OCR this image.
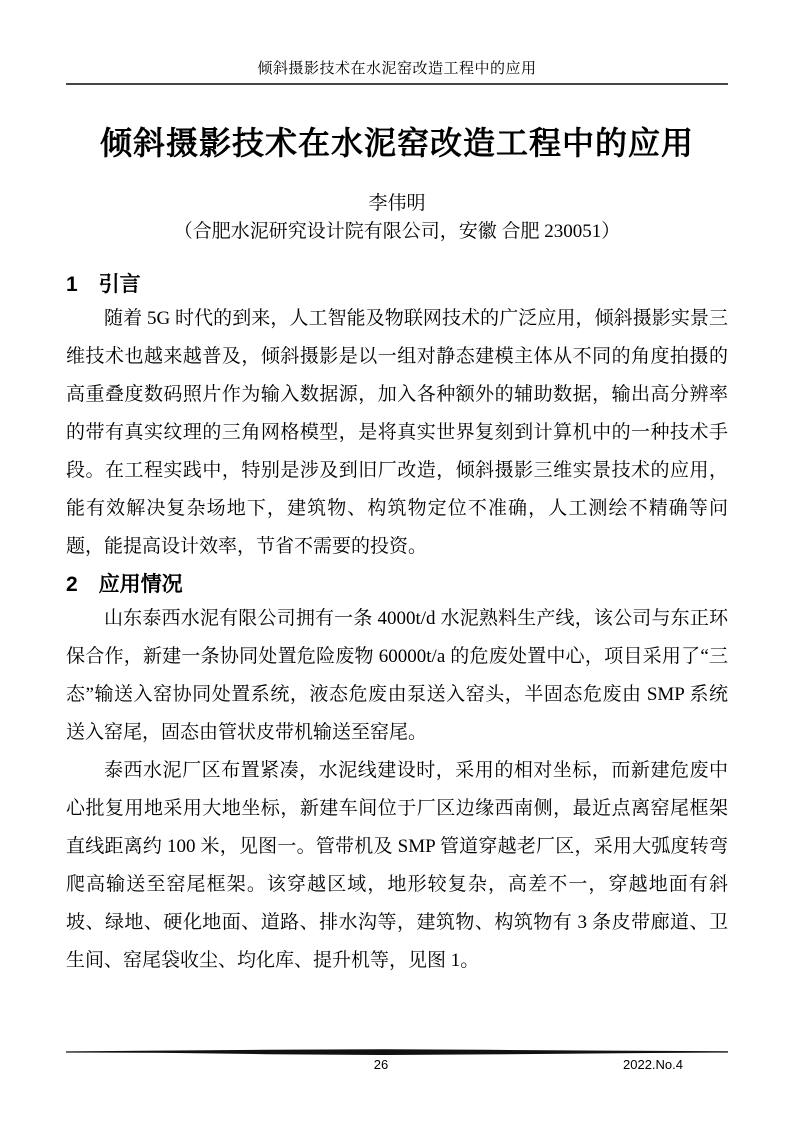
倾斜摄影技术在水泥窑改造工程中的应用
倾斜摄影技术在水泥窑改造工程中的应用
李伟明
（合肥水泥研究设计院有限公司，安徽 合肥 230051）
1　引言

随着 5G 时代的到来，人工智能及物联网技术的广泛应用，倾斜摄影实景三维技术也越来越普及，倾斜摄影是以一组对静态建模主体从不同的角度拍摄的高重叠度数码照片作为输入数据源，加入各种额外的辅助数据，输出高分辨率的带有真实纹理的三角网格模型，是将真实世界复刻到计算机中的一种技术手段。在工程实践中，特别是涉及到旧厂改造，倾斜摄影三维实景技术的应用，能有效解决复杂场地下，建筑物、构筑物定位不准确，人工测绘不精确等问题，能提高设计效率，节省不需要的投资。

2　应用情况

山东泰西水泥有限公司拥有一条 4000t/d 水泥熟料生产线，该公司与东正环保合作，新建一条协同处置危险废物 60000t/a 的危废处置中心，项目采用了“三态”输送入窑协同处置系统，液态危废由泵送入窑头，半固态危废由 SMP 系统送入窑尾，固态由管状皮带机输送至窑尾。

泰西水泥厂区布置紧凑，水泥线建设时，采用的相对坐标，而新建危废中心批复用地采用大地坐标，新建车间位于厂区边缘西南侧，最近点离窑尾框架直线距离约 100 米，见图一。管带机及 SMP 管道穿越老厂区，采用大弧度转弯爬高输送至窑尾框架。该穿越区域，地形较复杂，高差不一，穿越地面有斜坡、绿地、硬化地面、道路、排水沟等，建筑物、构筑物有 3 条皮带廊道、卫生间、窑尾袋收尘、均化库、提升机等，见图 1。

26	2022.No.4
